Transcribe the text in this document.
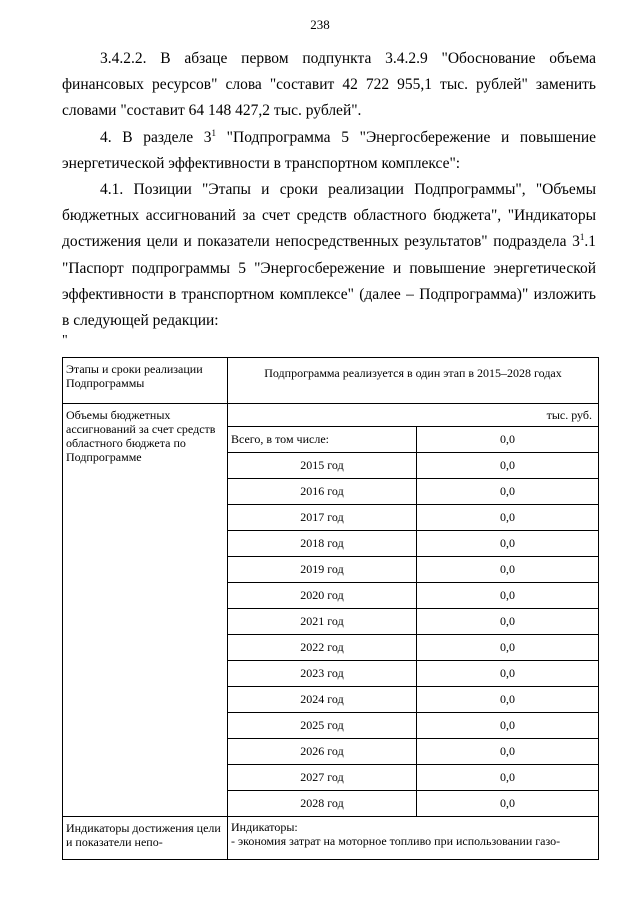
238

3.4.2.2. В абзаце первом подпункта 3.4.2.9 "Обоснование объема финансовых ресурсов" слова "составит 42 722 955,1 тыс. рублей" заменить словами "составит 64 148 427,2 тыс. рублей".

4. В разделе $3^1$ "Подпрограмма 5 "Энергосбережение и повышение энергетической эффективности в транспортном комплексе":

4.1. Позиции "Этапы и сроки реализации Подпрограммы", "Объемы бюджетных ассигнований за счет средств областного бюджета", "Индикаторы достижения цели и показатели непосредственных результатов" подраздела $3^1.1$ "Паспорт подпрограммы 5 "Энергосбережение и повышение энергетической эффективности в транспортном комплексе" (далее – Подпрограмма)" изложить в следующей редакции:

"
Этапы и сроки реализации Подпрограммы	Подпрограмма реализуется в один этап в 2015–2028 годах	
Объемы бюджетных ассигнований за счет средств областного бюджета по Подпрограмме	тыс. руб.	
	Всего, в том числе:	0,0
	2015 год	0,0
	2016 год	0,0
	2017 год	0,0
	2018 год	0,0
	2019 год	0,0
	2020 год	0,0
	2021 год	0,0
	2022 год	0,0
	2023 год	0,0
	2024 год	0,0
	2025 год	0,0
	2026 год	0,0
	2027 год	0,0
	2028 год	0,0
Индикаторы достижения цели и показатели непо-	Индикаторы:
- экономия затрат на моторное топливо при использовании газо-	
